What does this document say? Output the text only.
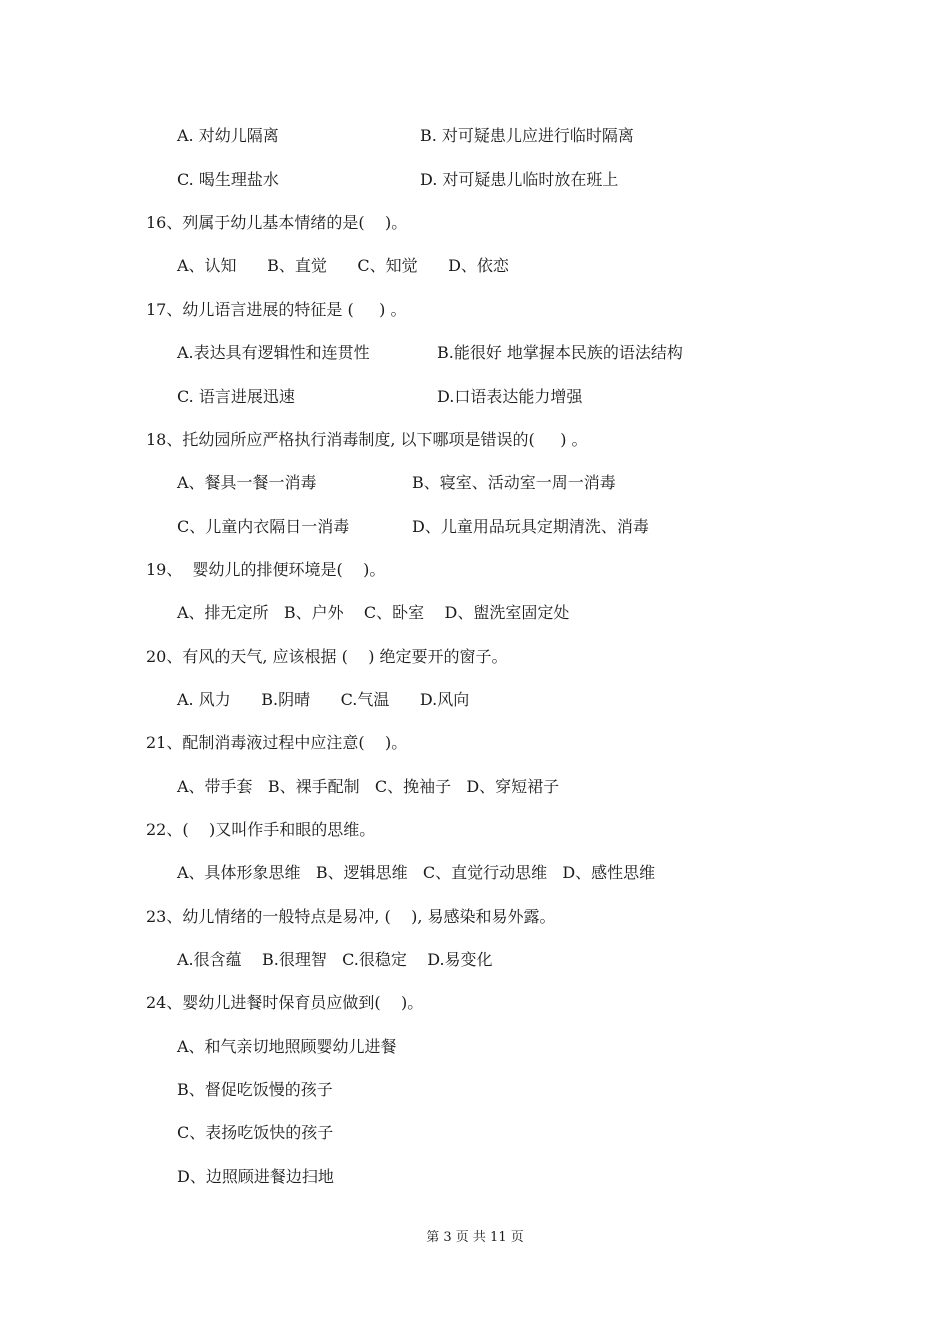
A. 对幼儿隔离	B. 对可疑患儿应进行临时隔离
C. 喝生理盐水	D. 对可疑患儿临时放在班上
16、列属于幼儿基本情绪的是(    )。
A、认知      B、直觉      C、知觉      D、依恋
17、幼儿语言进展的特征是 (     ) 。
A.表达具有逻辑性和连贯性	B.能很好 地掌握本民族的语法结构
C. 语言进展迅速	D.口语表达能力增强
18、托幼园所应严格执行消毒制度, 以下哪项是错误的(     ) 。
A、餐具一餐一消毒	B、寝室、活动室一周一消毒
C、儿童内衣隔日一消毒	D、儿童用品玩具定期清洗、消毒
19、  婴幼儿的排便环境是(    )。
A、排无定所   B、户外    C、卧室    D、盥洗室固定处
20、有风的天气, 应该根据 (    ) 绝定要开的窗子。
A. 风力      B.阴晴      C.气温      D.风向
21、配制消毒液过程中应注意(    )。
A、带手套   B、裸手配制   C、挽袖子   D、穿短裙子
22、(    )又叫作手和眼的思维。
A、具体形象思维   B、逻辑思维   C、直觉行动思维   D、感性思维
23、幼儿情绪的一般特点是易冲, (    ), 易感染和易外露。
A.很含蕴    B.很理智   C.很稳定    D.易变化
24、婴幼儿进餐时保育员应做到(    )。
A、和气亲切地照顾婴幼儿进餐
B、督促吃饭慢的孩子
C、表扬吃饭快的孩子
D、边照顾进餐边扫地
第 3 页 共 11 页
